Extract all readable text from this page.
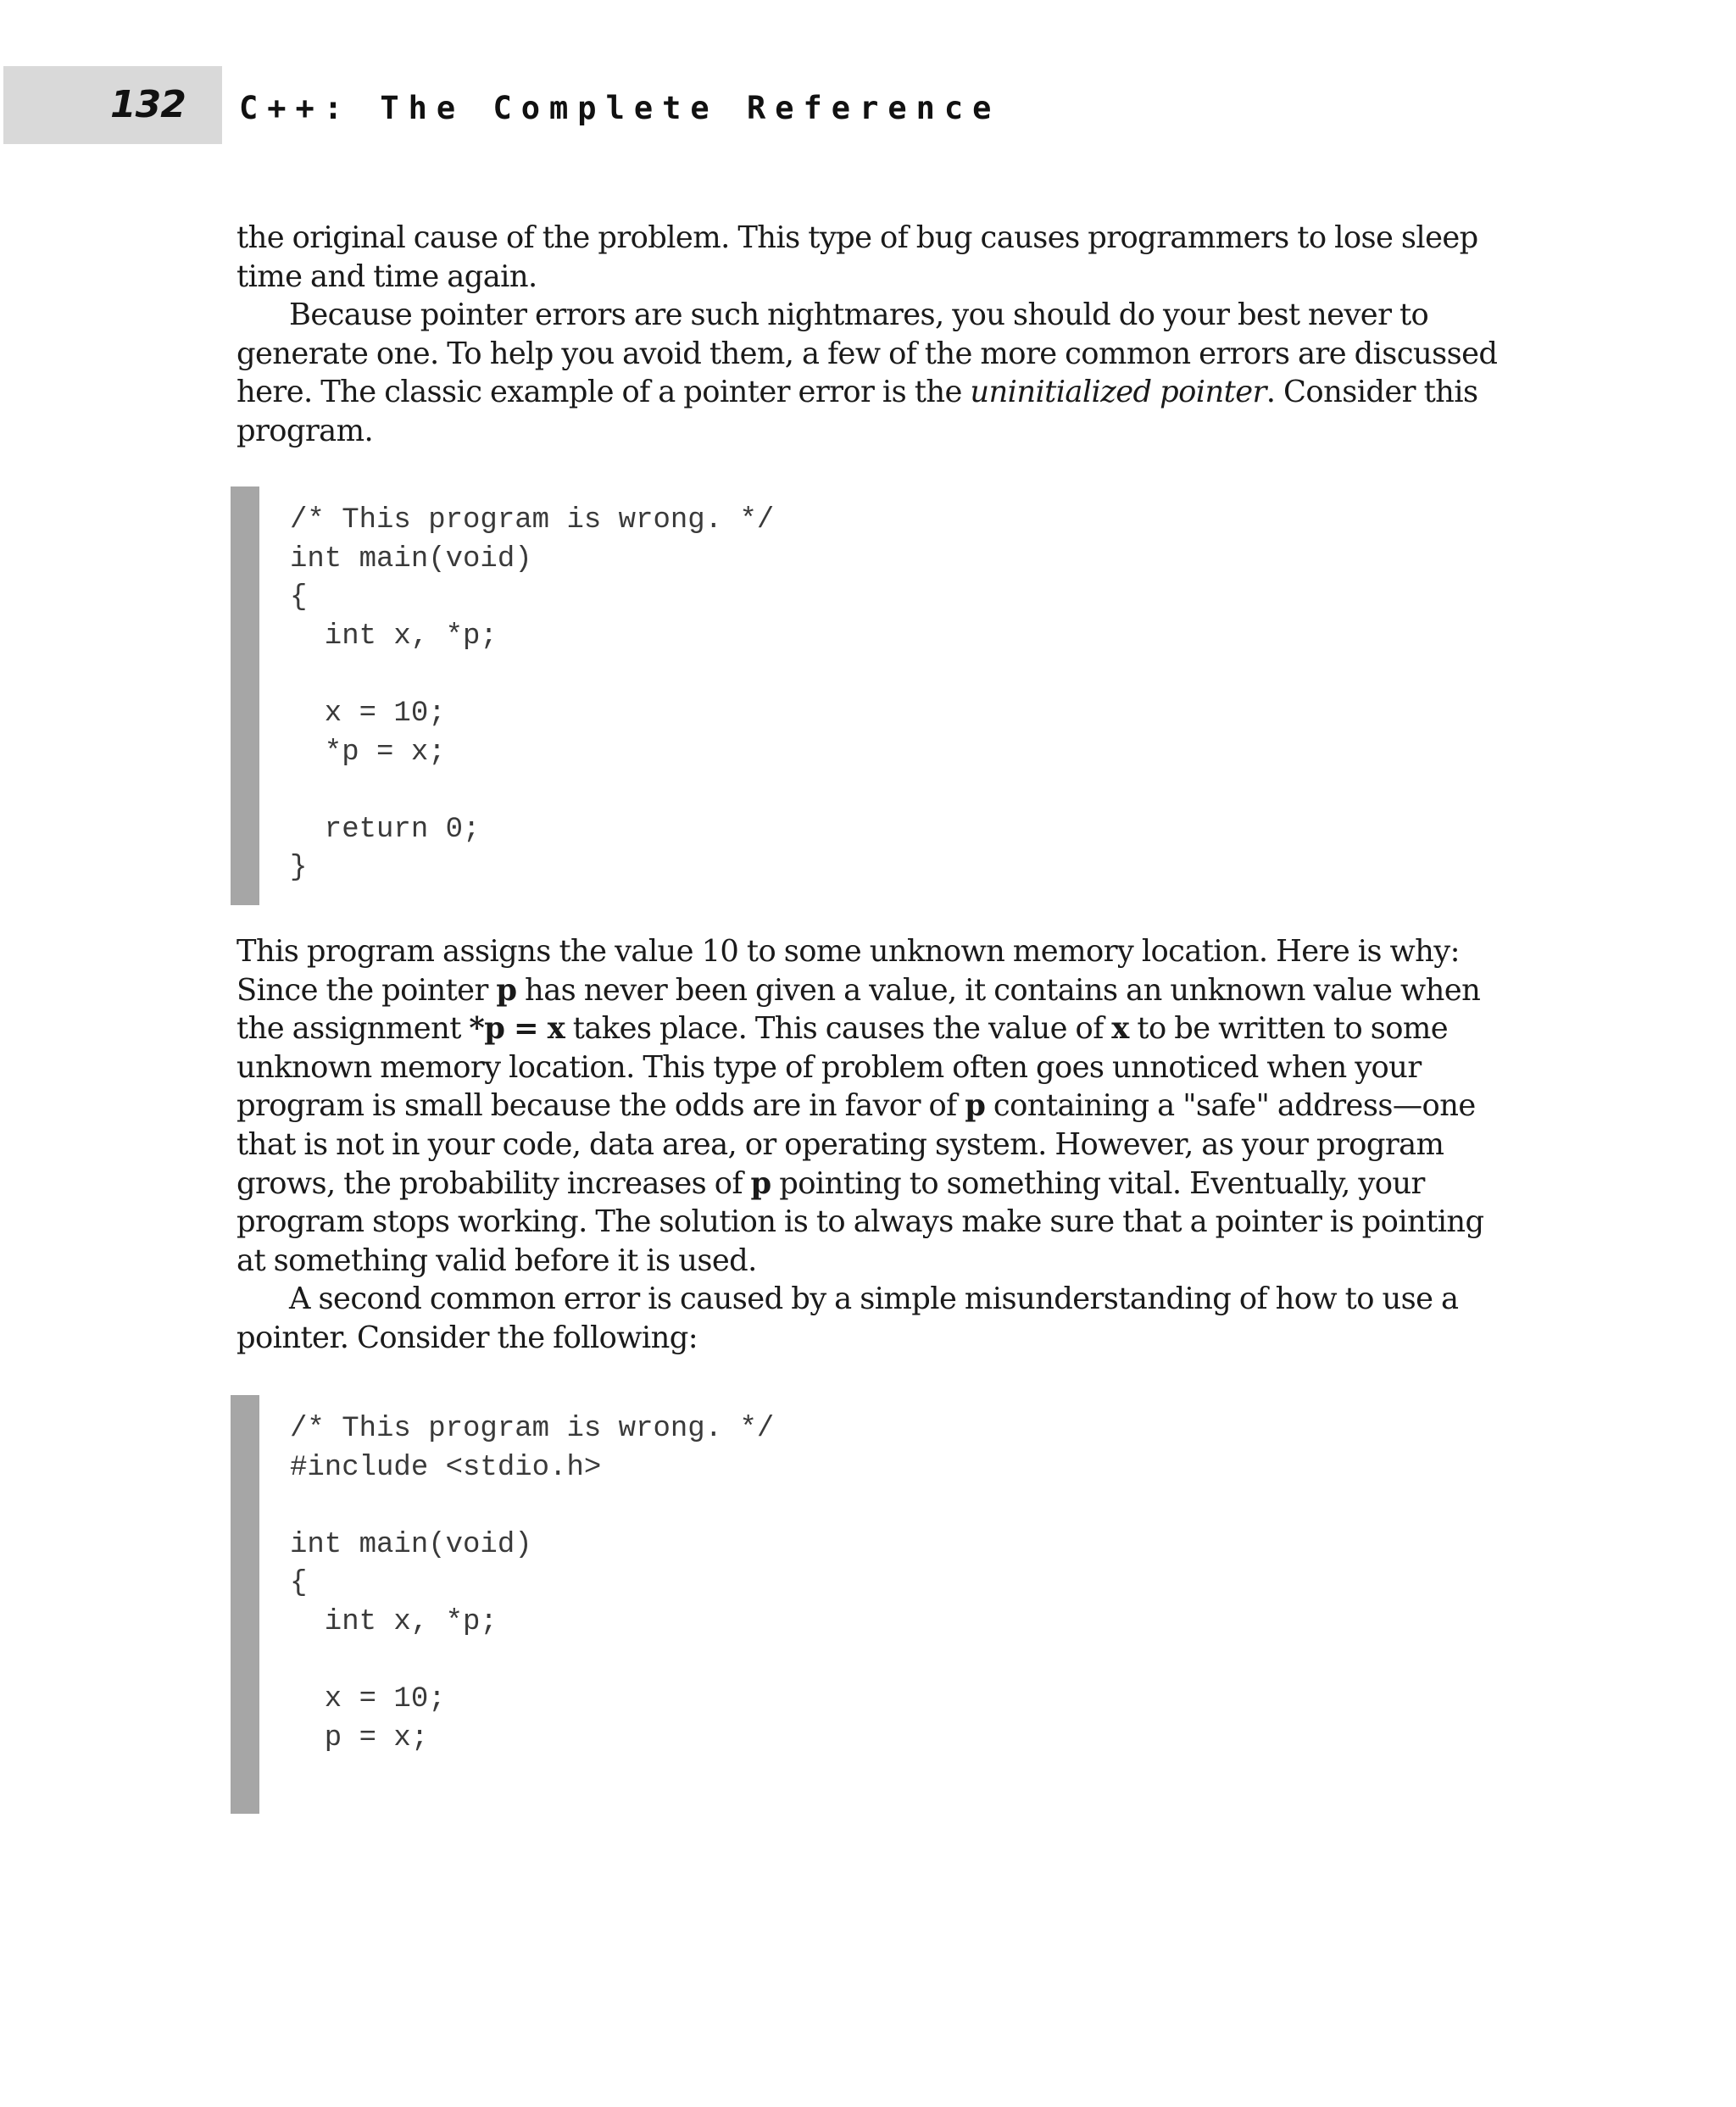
132 C++: The Complete Reference

the original cause of the problem. This type of bug causes programmers to lose sleep

time and time again.

Because pointer errors are such nightmares, you should do your best never to

generate one. To help you avoid them, a few of the more common errors are discussed

here. The classic example of a pointer error is the uninitialized pointer. Consider this

program.

/* This program is wrong. */
int main(void)
{
int x, *p;
x = 10;
*p = x;
return 0;
}

This program assigns the value 10 to some unknown memory location. Here is why:

Since the pointer p has never been given a value, it contains an unknown value when

the assignment *p = x takes place. This causes the value of x to be written to some

unknown memory location. This type of problem often goes unnoticed when your

program is small because the odds are in favor of p containing a "safe" address—one

that is not in your code, data area, or operating system. However, as your program

grows, the probability increases of p pointing to something vital. Eventually, your

program stops working. The solution is to always make sure that a pointer is pointing

at something valid before it is used.

A second common error is caused by a simple misunderstanding of how to use a

pointer. Consider the following:

/* This program is wrong. */
#include <stdio.h>
int main(void)
{
int x, *p;
x = 10;
p = x;
